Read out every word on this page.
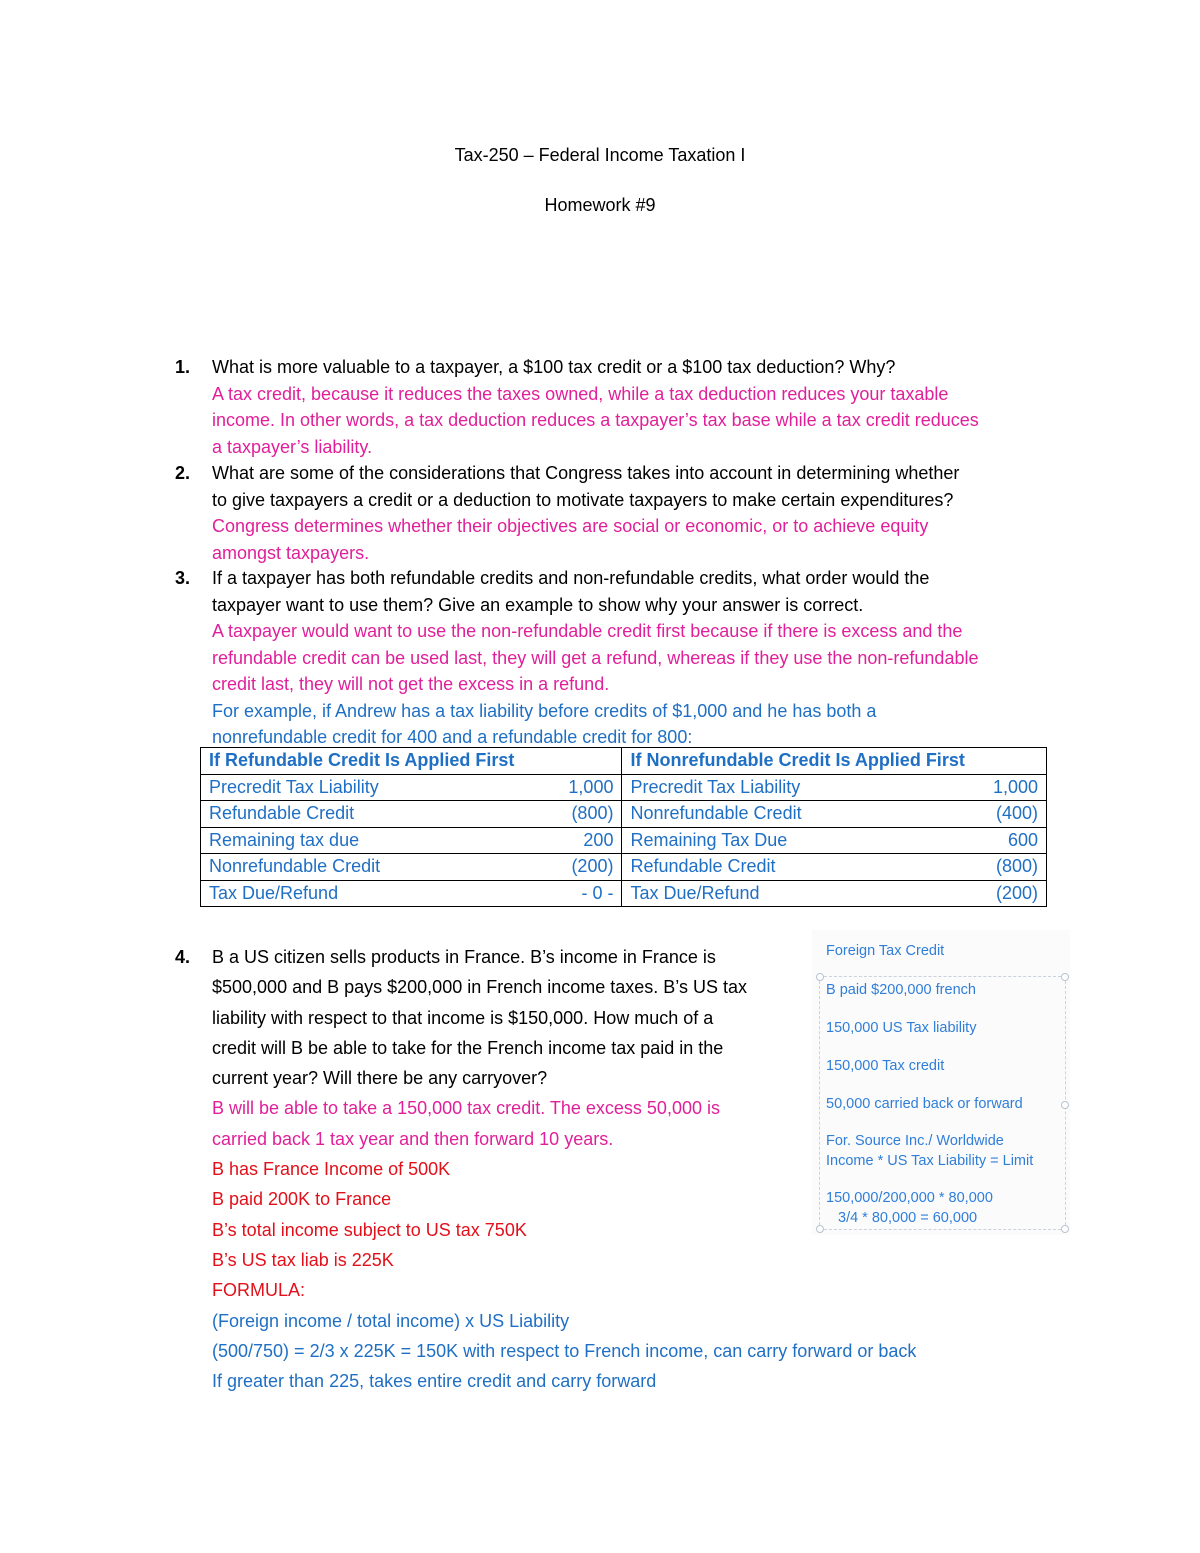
Tax-250 – Federal Income Taxation I
Homework #9
1. What is more valuable to a taxpayer, a $100 tax credit or a $100 tax deduction? Why?
A tax credit, because it reduces the taxes owned, while a tax deduction reduces your taxable
income. In other words, a tax deduction reduces a taxpayer’s tax base while a tax credit reduces
a taxpayer’s liability.
2. What are some of the considerations that Congress takes into account in determining whether
to give taxpayers a credit or a deduction to motivate taxpayers to make certain expenditures?
Congress determines whether their objectives are social or economic, or to achieve equity
amongst taxpayers.
3. If a taxpayer has both refundable credits and non-refundable credits, what order would the
taxpayer want to use them? Give an example to show why your answer is correct.
A taxpayer would want to use the non-refundable credit first because if there is excess and the
refundable credit can be used last, they will get a refund, whereas if they use the non-refundable
credit last, they will not get the excess in a refund.
For example, if Andrew has a tax liability before credits of $1,000 and he has both a
nonrefundable credit for 400 and a refundable credit for 800:
If Refundable Credit Is Applied First		If Nonrefundable Credit Is Applied First	
Precredit Tax Liability	1,000	Precredit Tax Liability	1,000
Refundable Credit	(800)	Nonrefundable Credit	(400)
Remaining tax due	200	Remaining Tax Due	600
Nonrefundable Credit	(200)	Refundable Credit	(800)
Tax Due/Refund	- 0 -	Tax Due/Refund	(200)
4. B a US citizen sells products in France. B’s income in France is
$500,000 and B pays $200,000 in French income taxes. B’s US tax
liability with respect to that income is $150,000. How much of a
credit will B be able to take for the French income tax paid in the
current year? Will there be any carryover?
B will be able to take a 150,000 tax credit. The excess 50,000 is
carried back 1 tax year and then forward 10 years.
B has France Income of 500K
B paid 200K to France
B’s total income subject to US tax 750K
B’s US tax liab is 225K
FORMULA:
(Foreign income / total income) x US Liability
(500/750) = 2/3 x 225K = 150K with respect to French income, can carry forward or back
If greater than 225, takes entire credit and carry forward
Foreign Tax Credit
B paid $200,000 french
150,000 US Tax liability
150,000 Tax credit
50,000 carried back or forward
For. Source Inc./ Worldwide
Income * US Tax Liability = Limit
150,000/200,000 * 80,000
3/4 * 80,000 = 60,000
